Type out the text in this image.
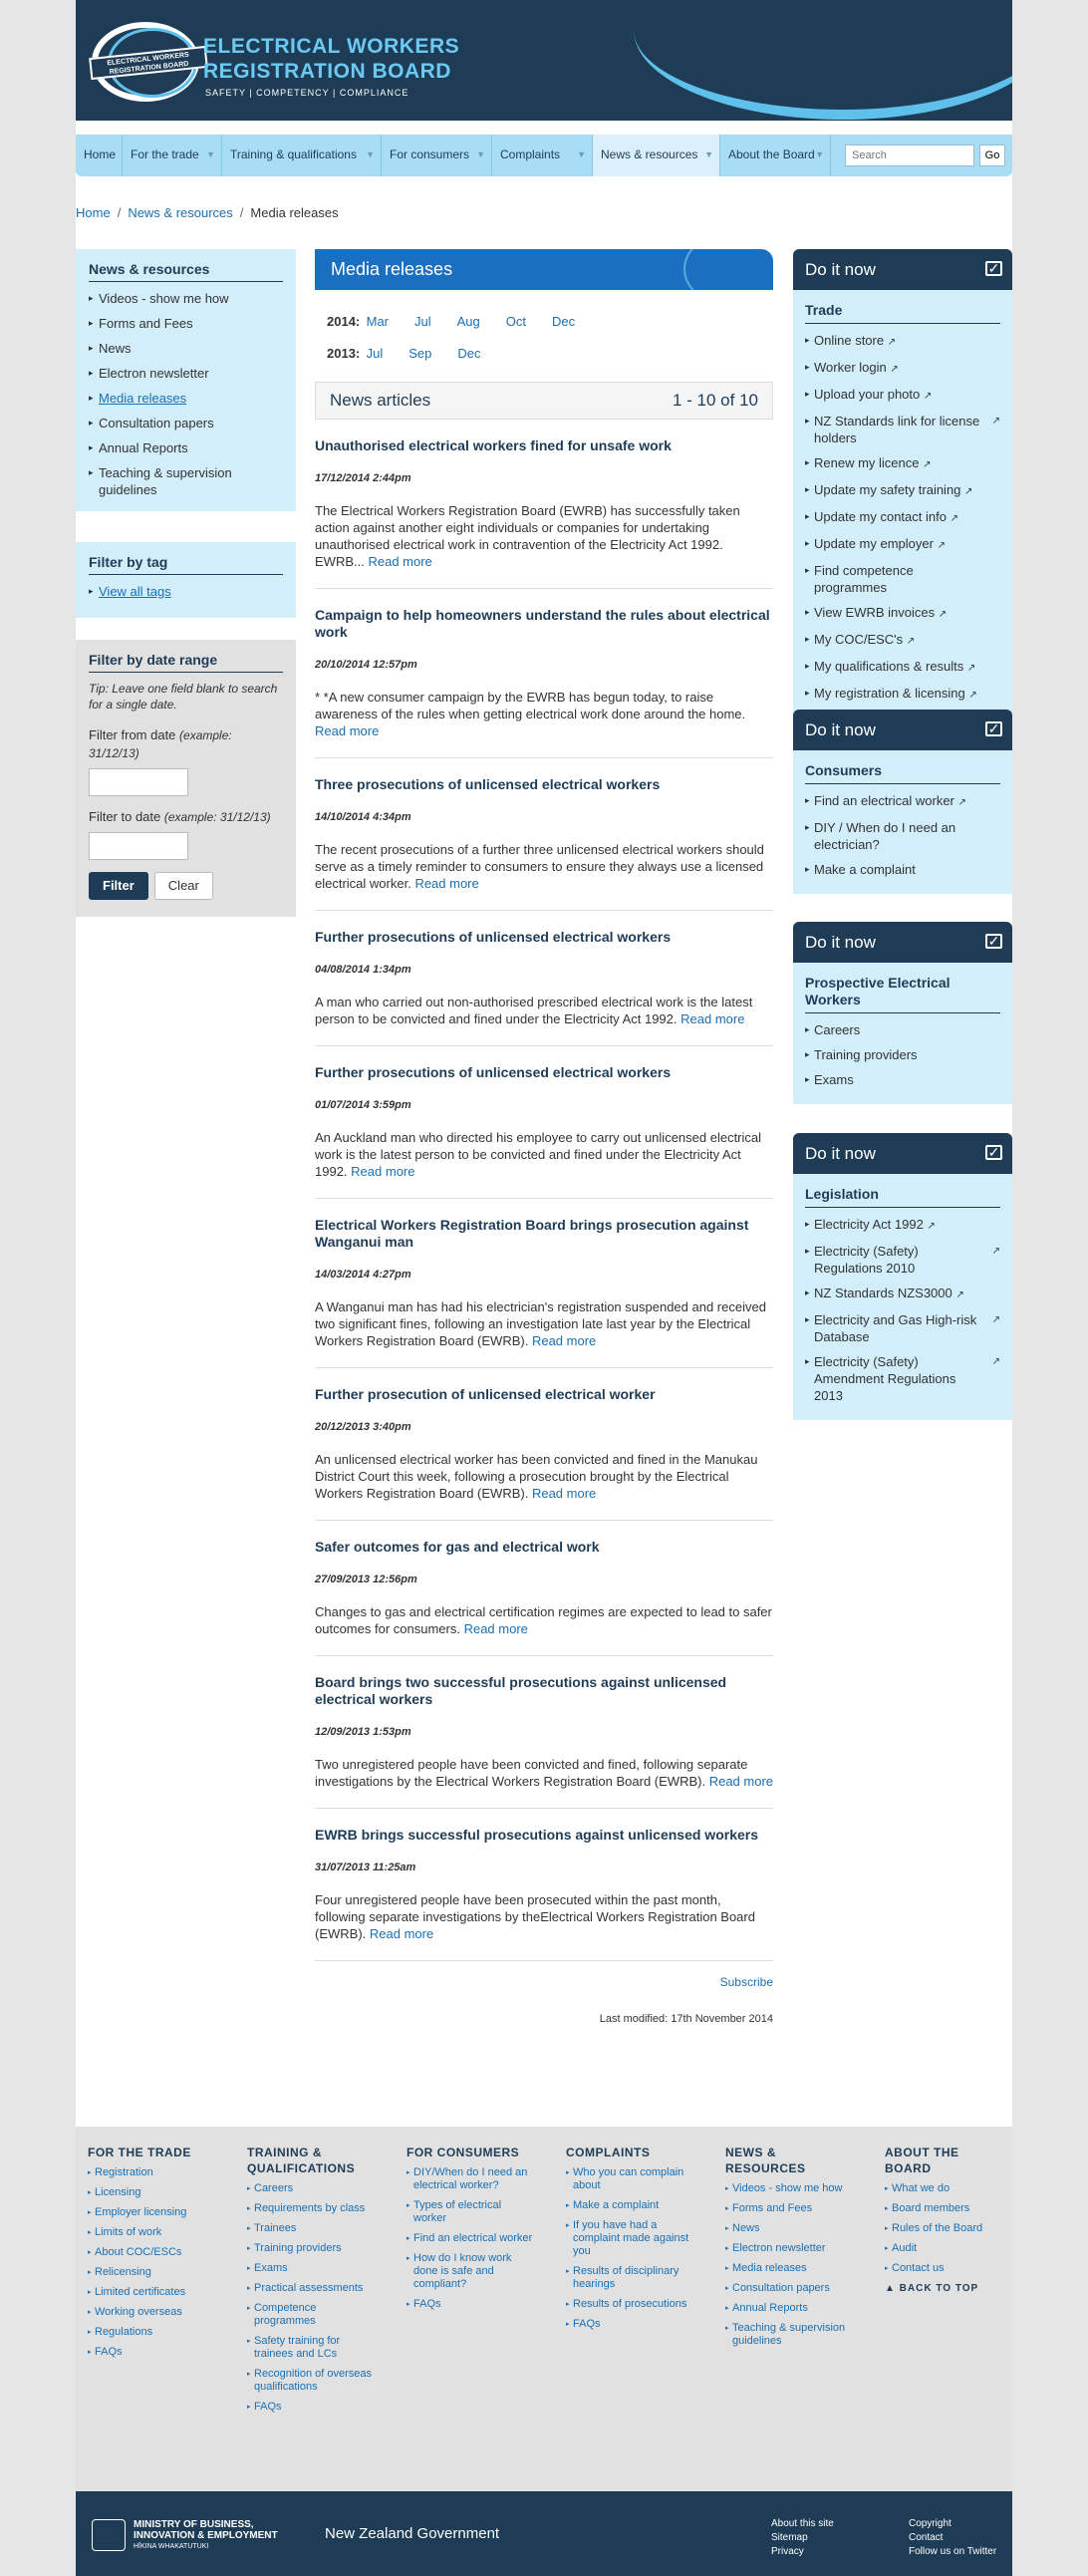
ELECTRICAL WORKERS REGISTRATION BOARD
ELECTRICAL WORKERS
REGISTRATION BOARD
SAFETY | COMPETENCY | COMPLIANCE
Home	For the trade ▼	Training & qualifications ▼	For consumers ▼	Complaints ▼	News & resources ▼	About the Board ▼
Search	Go
Home / News & resources / Media releases
News & resources
▸ Videos - show me how
▸ Forms and Fees
▸ News
▸ Electron newsletter
▸ Media releases
▸ Consultation papers
▸ Annual Reports
▸ Teaching & supervision guidelines
Filter by tag
▸ View all tags
Filter by date range
Tip: Leave one field blank to search for a single date.
Filter from date (example: 31/12/13)
Filter to date (example: 31/12/13)
Filter	Clear
Media releases
2014: Mar Jul Aug Oct Dec
2013: Jul Sep Dec
News articles	1 - 10 of 10
Unauthorised electrical workers fined for unsafe work
17/12/2014 2:44pm
The Electrical Workers Registration Board (EWRB) has successfully taken action against another eight individuals or companies for undertaking unauthorised electrical work in contravention of the Electricity Act 1992. EWRB... Read more
Campaign to help homeowners understand the rules about electrical work
20/10/2014 12:57pm
* *A new consumer campaign by the EWRB has begun today, to raise awareness of the rules when getting electrical work done around the home. Read more
Three prosecutions of unlicensed electrical workers
14/10/2014 4:34pm
The recent prosecutions of a further three unlicensed electrical workers should serve as a timely reminder to consumers to ensure they always use a licensed electrical worker. Read more
Further prosecutions of unlicensed electrical workers
04/08/2014 1:34pm
A man who carried out non-authorised prescribed electrical work is the latest person to be convicted and fined under the Electricity Act 1992. Read more
Further prosecutions of unlicensed electrical workers
01/07/2014 3:59pm
An Auckland man who directed his employee to carry out unlicensed electrical work is the latest person to be convicted and fined under the Electricity Act 1992. Read more
Electrical Workers Registration Board brings prosecution against Wanganui man
14/03/2014 4:27pm
A Wanganui man has had his electrician's registration suspended and received two significant fines, following an investigation late last year by the Electrical Workers Registration Board (EWRB). Read more
Further prosecution of unlicensed electrical worker
20/12/2013 3:40pm
An unlicensed electrical worker has been convicted and fined in the Manukau District Court this week, following a prosecution brought by the Electrical Workers Registration Board (EWRB). Read more
Safer outcomes for gas and electrical work
27/09/2013 12:56pm
Changes to gas and electrical certification regimes are expected to lead to safer outcomes for consumers. Read more
Board brings two successful prosecutions against unlicensed electrical workers
12/09/2013 1:53pm
Two unregistered people have been convicted and fined, following separate investigations by the Electrical Workers Registration Board (EWRB). Read more
EWRB brings successful prosecutions against unlicensed workers
31/07/2013 11:25am
Four unregistered people have been prosecuted within the past month, following separate investigations by theElectrical Workers Registration Board (EWRB). Read more
Subscribe
Last modified: 17th November 2014
Do it now	✓
Trade
▸ Online store ↗
▸ Worker login ↗
▸ Upload your photo ↗
▸ NZ Standards link for license holders
↗
▸ Renew my licence ↗
▸ Update my safety training ↗
▸ Update my contact info ↗
▸ Update my employer ↗
▸ Find competence programmes
▸ View EWRB invoices ↗
▸ My COC/ESC's ↗
▸ My qualifications & results ↗
▸ My registration & licensing ↗
Do it now	✓
Consumers
▸ Find an electrical worker ↗
▸ DIY / When do I need an electrician?
▸ Make a complaint
Do it now	✓
Prospective Electrical Workers
▸ Careers
▸ Training providers
▸ Exams
Do it now	✓
Legislation
▸ Electricity Act 1992 ↗
▸ Electricity (Safety) Regulations 2010
↗
▸ NZ Standards NZS3000 ↗
▸ Electricity and Gas High-risk Database
↗
▸ Electricity (Safety) Amendment Regulations 2013
↗
FOR THE TRADE
▸ Registration
▸ Licensing
▸ Employer licensing
▸ Limits of work
▸ About COC/ESCs
▸ Relicensing
▸ Limited certificates
▸ Working overseas
▸ Regulations
▸ FAQs
TRAINING & QUALIFICATIONS
▸ Careers
▸ Requirements by class
▸ Trainees
▸ Training providers
▸ Exams
▸ Practical assessments
▸ Competence programmes
▸ Safety training for trainees and LCs
▸ Recognition of overseas qualifications
▸ FAQs
FOR CONSUMERS
▸ DIY/When do I need an electrical worker?
▸ Types of electrical worker
▸ Find an electrical worker
▸ How do I know work done is safe and compliant?
▸ FAQs
COMPLAINTS
▸ Who you can complain about
▸ Make a complaint
▸ If you have had a complaint made against you
▸ Results of disciplinary hearings
▸ Results of prosecutions
▸ FAQs
NEWS & RESOURCES
▸ Videos - show me how
▸ Forms and Fees
▸ News
▸ Electron newsletter
▸ Media releases
▸ Consultation papers
▸ Annual Reports
▸ Teaching & supervision guidelines
ABOUT THE BOARD
▸ What we do
▸ Board members
▸ Rules of the Board
▸ Audit
▸ Contact us
▲ BACK TO TOP
MINISTRY OF BUSINESS,
INNOVATION & EMPLOYMENT
HĪKINA WHAKATUTUKI
New Zealand Government
About this site
Sitemap
Privacy
Copyright
Contact
Follow us on Twitter
